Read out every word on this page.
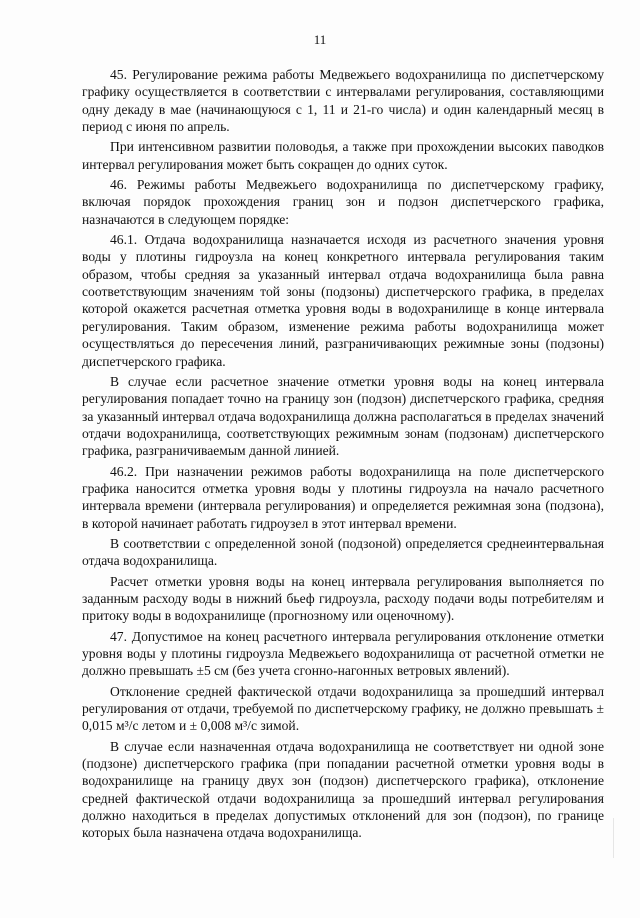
11

45. Регулирование режима работы Медвежьего водохранилища по диспетчерскому графику осуществляется в соответствии с интервалами регулирования, составляющими одну декаду в мае (начинающуюся с 1, 11 и 21-го числа) и один календарный месяц в период с июня по апрель.

При интенсивном развитии половодья, а также при прохождении высоких паводков интервал регулирования может быть сокращен до одних суток.

46. Режимы работы Медвежьего водохранилища по диспетчерскому графику, включая порядок прохождения границ зон и подзон диспетчерского графика, назначаются в следующем порядке:

46.1. Отдача водохранилища назначается исходя из расчетного значения уровня воды у плотины гидроузла на конец конкретного интервала регулирования таким образом, чтобы средняя за указанный интервал отдача водохранилища была равна соответствующим значениям той зоны (подзоны) диспетчерского графика, в пределах которой окажется расчетная отметка уровня воды в водохранилище в конце интервала регулирования. Таким образом, изменение режима работы водохранилища может осуществляться до пересечения линий, разграничивающих режимные зоны (подзоны) диспетчерского графика.

В случае если расчетное значение отметки уровня воды на конец интервала регулирования попадает точно на границу зон (подзон) диспетчерского графика, средняя за указанный интервал отдача водохранилища должна располагаться в пределах значений отдачи водохранилища, соответствующих режимным зонам (подзонам) диспетчерского графика, разграничиваемым данной линией.

46.2. При назначении режимов работы водохранилища на поле диспетчерского графика наносится отметка уровня воды у плотины гидроузла на начало расчетного интервала времени (интервала регулирования) и определяется режимная зона (подзона), в которой начинает работать гидроузел в этот интервал времени.

В соответствии с определенной зоной (подзоной) определяется среднеинтервальная отдача водохранилища.

Расчет отметки уровня воды на конец интервала регулирования выполняется по заданным расходу воды в нижний бьеф гидроузла, расходу подачи воды потребителям и притоку воды в водохранилище (прогнозному или оценочному).

47. Допустимое на конец расчетного интервала регулирования отклонение отметки уровня воды у плотины гидроузла Медвежьего водохранилища от расчетной отметки не должно превышать ±5 см (без учета сгонно-нагонных ветровых явлений).

Отклонение средней фактической отдачи водохранилища за прошедший интервал регулирования от отдачи, требуемой по диспетчерскому графику, не должно превышать ± 0,015 м³/с летом и ± 0,008 м³/с зимой.

В случае если назначенная отдача водохранилища не соответствует ни одной зоне (подзоне) диспетчерского графика (при попадании расчетной отметки уровня воды в водохранилище на границу двух зон (подзон) диспетчерского графика), отклонение средней фактической отдачи водохранилища за прошедший интервал регулирования должно находиться в пределах допустимых отклонений для зон (подзон), по границе которых была назначена отдача водохранилища.
